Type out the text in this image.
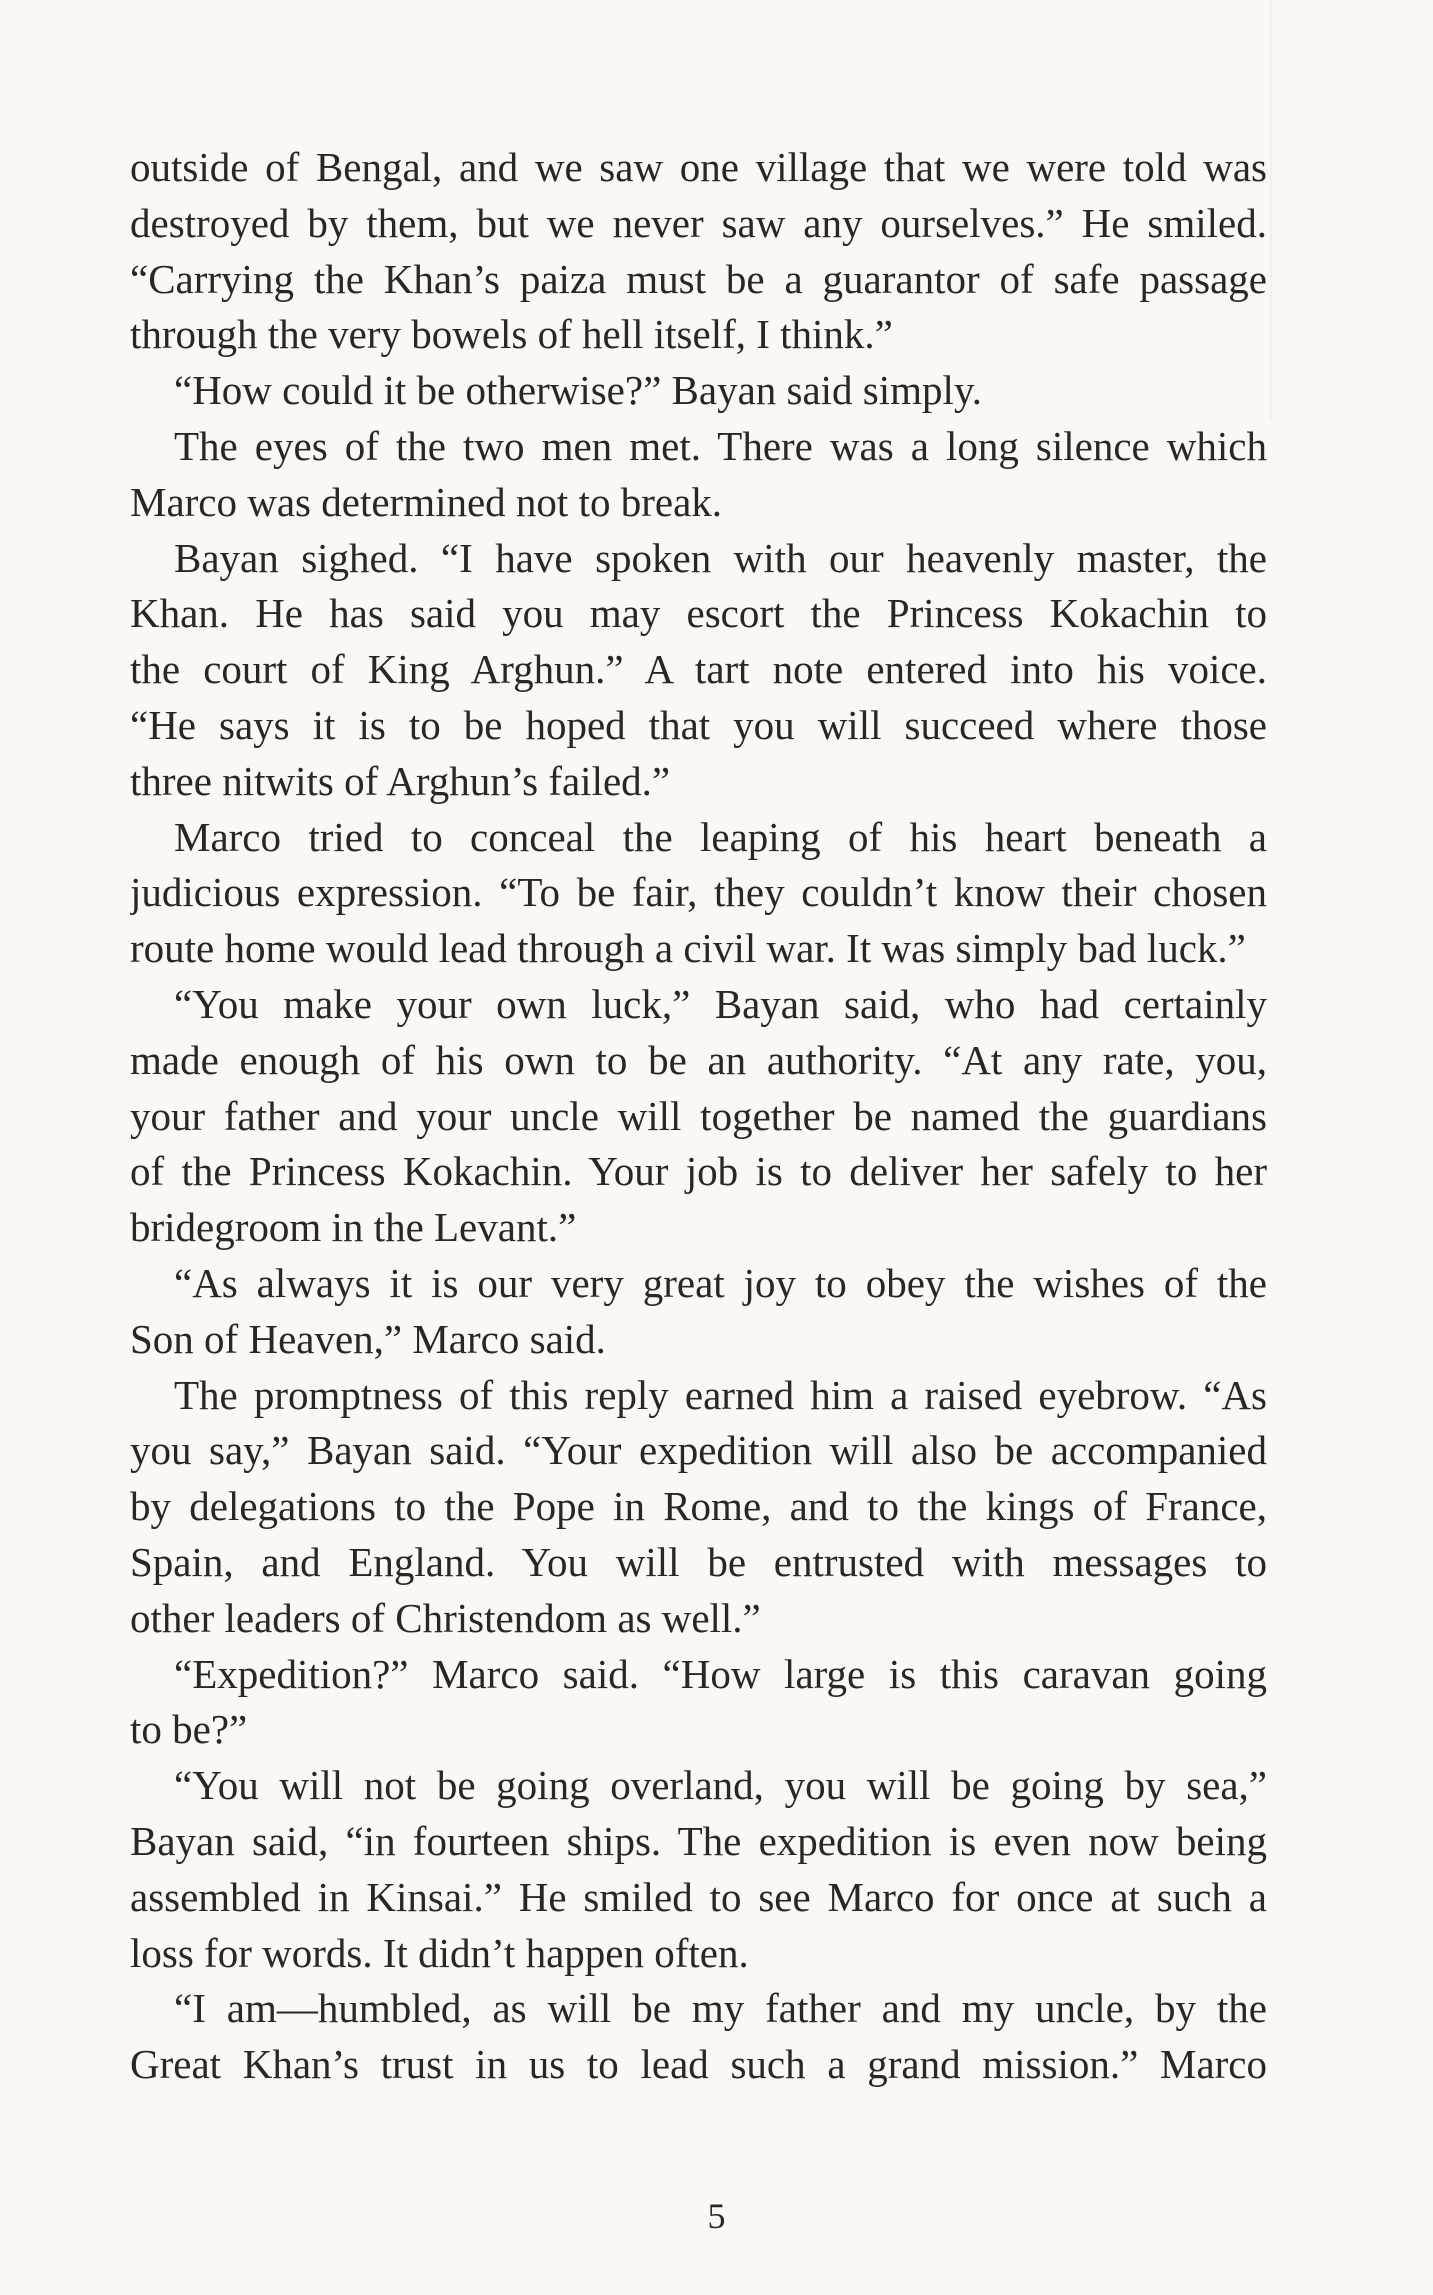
outside of Bengal, and we saw one village that we were told was
destroyed by them, but we never saw any ourselves.” He smiled.
“Carrying the Khan’s paiza must be a guarantor of safe passage
through the very bowels of hell itself, I think.”
“How could it be otherwise?” Bayan said simply.
The eyes of the two men met. There was a long silence which
Marco was determined not to break.
Bayan sighed. “I have spoken with our heavenly master, the
Khan. He has said you may escort the Princess Kokachin to
the court of King Arghun.” A tart note entered into his voice.
“He says it is to be hoped that you will succeed where those
three nitwits of Arghun’s failed.”
Marco tried to conceal the leaping of his heart beneath a
judicious expression. “To be fair, they couldn’t know their chosen
route home would lead through a civil war. It was simply bad luck.”
“You make your own luck,” Bayan said, who had certainly
made enough of his own to be an authority. “At any rate, you,
your father and your uncle will together be named the guardians
of the Princess Kokachin. Your job is to deliver her safely to her
bridegroom in the Levant.”
“As always it is our very great joy to obey the wishes of the
Son of Heaven,” Marco said.
The promptness of this reply earned him a raised eyebrow. “As
you say,” Bayan said. “Your expedition will also be accompanied
by delegations to the Pope in Rome, and to the kings of France,
Spain, and England. You will be entrusted with messages to
other leaders of Christendom as well.”
“Expedition?” Marco said. “How large is this caravan going
to be?”
“You will not be going overland, you will be going by sea,”
Bayan said, “in fourteen ships. The expedition is even now being
assembled in Kinsai.” He smiled to see Marco for once at such a
loss for words. It didn’t happen often.
“I am—humbled, as will be my father and my uncle, by the
Great Khan’s trust in us to lead such a grand mission.” Marco
5
